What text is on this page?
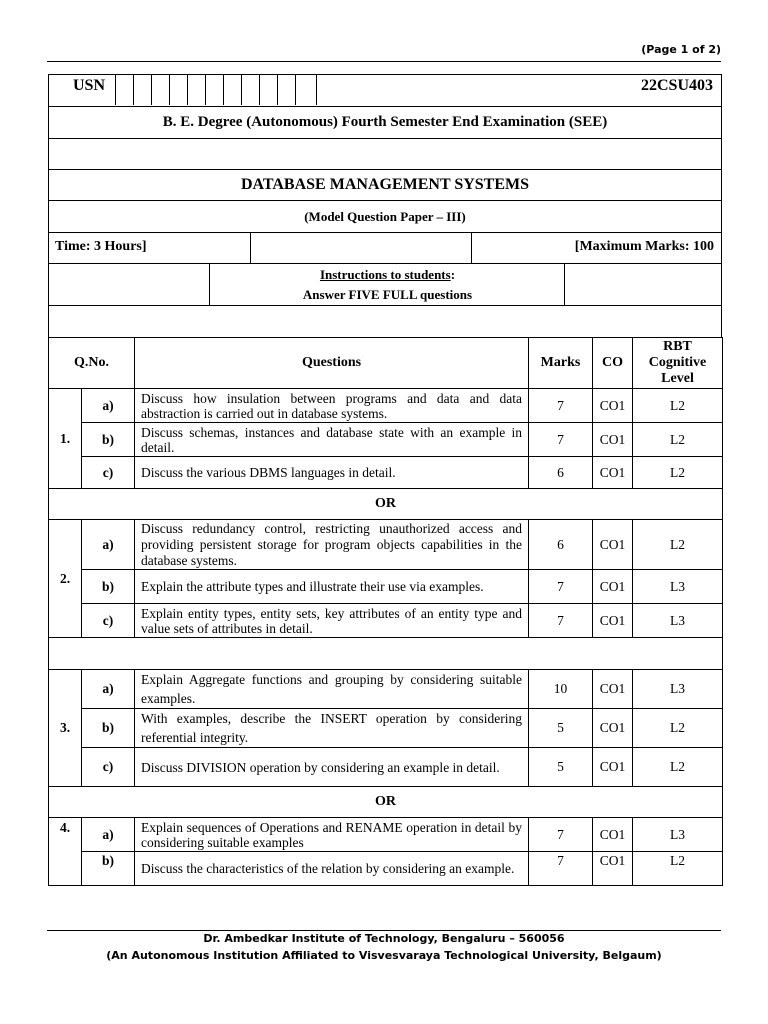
(Page 1 of 2)
USN	22CSU403
B. E. Degree (Autonomous) Fourth Semester End Examination (SEE)
DATABASE MANAGEMENT SYSTEMS
(Model Question Paper – III)
Time: 3 Hours]	[Maximum Marks: 100
Instructions to students:
Answer FIVE FULL questions
Q.No.		Questions	Marks	CO	RBT Cognitive Level
1.	a)	Discuss how insulation between programs and data and data abstraction is carried out in database systems.	7	CO1	L2
	b)	Discuss schemas, instances and database state with an example in detail.	7	CO1	L2
	c)	Discuss the various DBMS languages in detail.	6	CO1	L2
OR					
2.	a)	Discuss redundancy control, restricting unauthorized access and providing persistent storage for program objects capabilities in the database systems.	6	CO1	L2
	b)	Explain the attribute types and illustrate their use via examples.	7	CO1	L3
	c)	Explain entity types, entity sets, key attributes of an entity type and value sets of attributes in detail.	7	CO1	L3

3.	a)	Explain Aggregate functions and grouping by considering suitable examples.	10	CO1	L3
	b)	With examples, describe the INSERT operation by considering referential integrity.	5	CO1	L2
	c)	Discuss DIVISION operation by considering an example in detail.	5	CO1	L2
OR					
4.	a)	Explain sequences of Operations and RENAME operation in detail by considering suitable examples	7	CO1	L3
	b)	Discuss the characteristics of the relation by considering an example.	7	CO1	L2
Dr. Ambedkar Institute of Technology, Bengaluru – 560056
(An Autonomous Institution Affiliated to Visvesvaraya Technological University, Belgaum)
